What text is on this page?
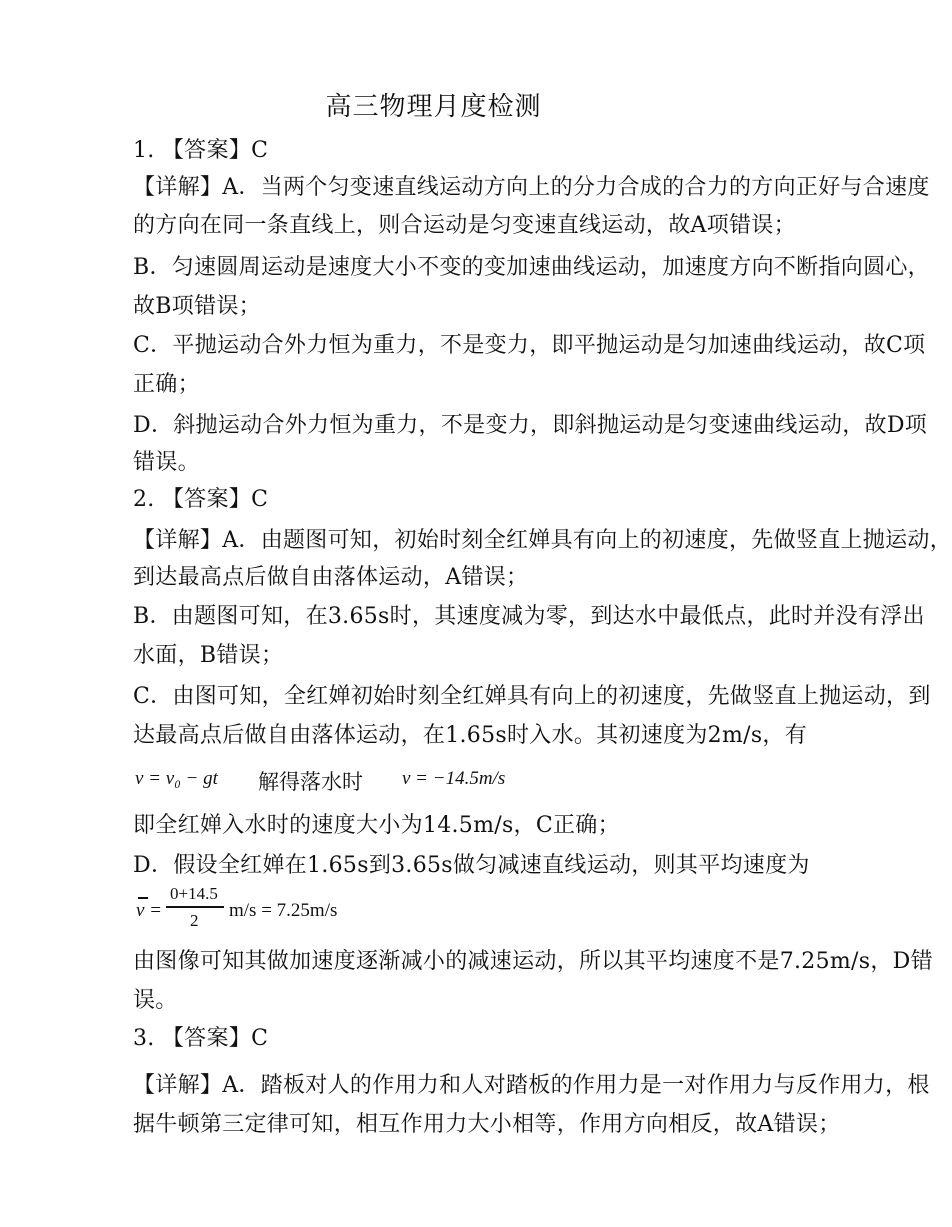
高三物理月度检测
1. 【答案】C
【详解】A．当两个匀变速直线运动方向上的分力合成的合力的方向正好与合速度
的方向在同一条直线上，则合运动是匀变速直线运动，故A项错误；
B．匀速圆周运动是速度大小不变的变加速曲线运动，加速度方向不断指向圆心，
故B项错误；
C．平抛运动合外力恒为重力，不是变力，即平抛运动是匀加速曲线运动，故C项
正确；
D．斜抛运动合外力恒为重力，不是变力，即斜抛运动是匀变速曲线运动，故D项
错误。
2. 【答案】C
【详解】A．由题图可知，初始时刻全红婵具有向上的初速度，先做竖直上抛运动，
到达最高点后做自由落体运动，A错误；
B．由题图可知，在3.65s时，其速度减为零，到达水中最低点，此时并没有浮出
水面，B错误；
C．由图可知，全红婵初始时刻全红婵具有向上的初速度，先做竖直上抛运动，到
达最高点后做自由落体运动，在1.65s时入水。其初速度为2m/s，有
v = v₀ − gt 解得落水时 v = −14.5m/s
即全红婵入水时的速度大小为14.5m/s，C正确；
D．假设全红婵在1.65s到3.65s做匀减速直线运动，则其平均速度为
v =
0+14.5
2 m/s = 7.25m/s
由图像可知其做加速度逐渐减小的减速运动，所以其平均速度不是7.25m/s，D错
误。
3. 【答案】C
【详解】A．踏板对人的作用力和人对踏板的作用力是一对作用力与反作用力，根
据牛顿第三定律可知，相互作用力大小相等，作用方向相反，故A错误；
